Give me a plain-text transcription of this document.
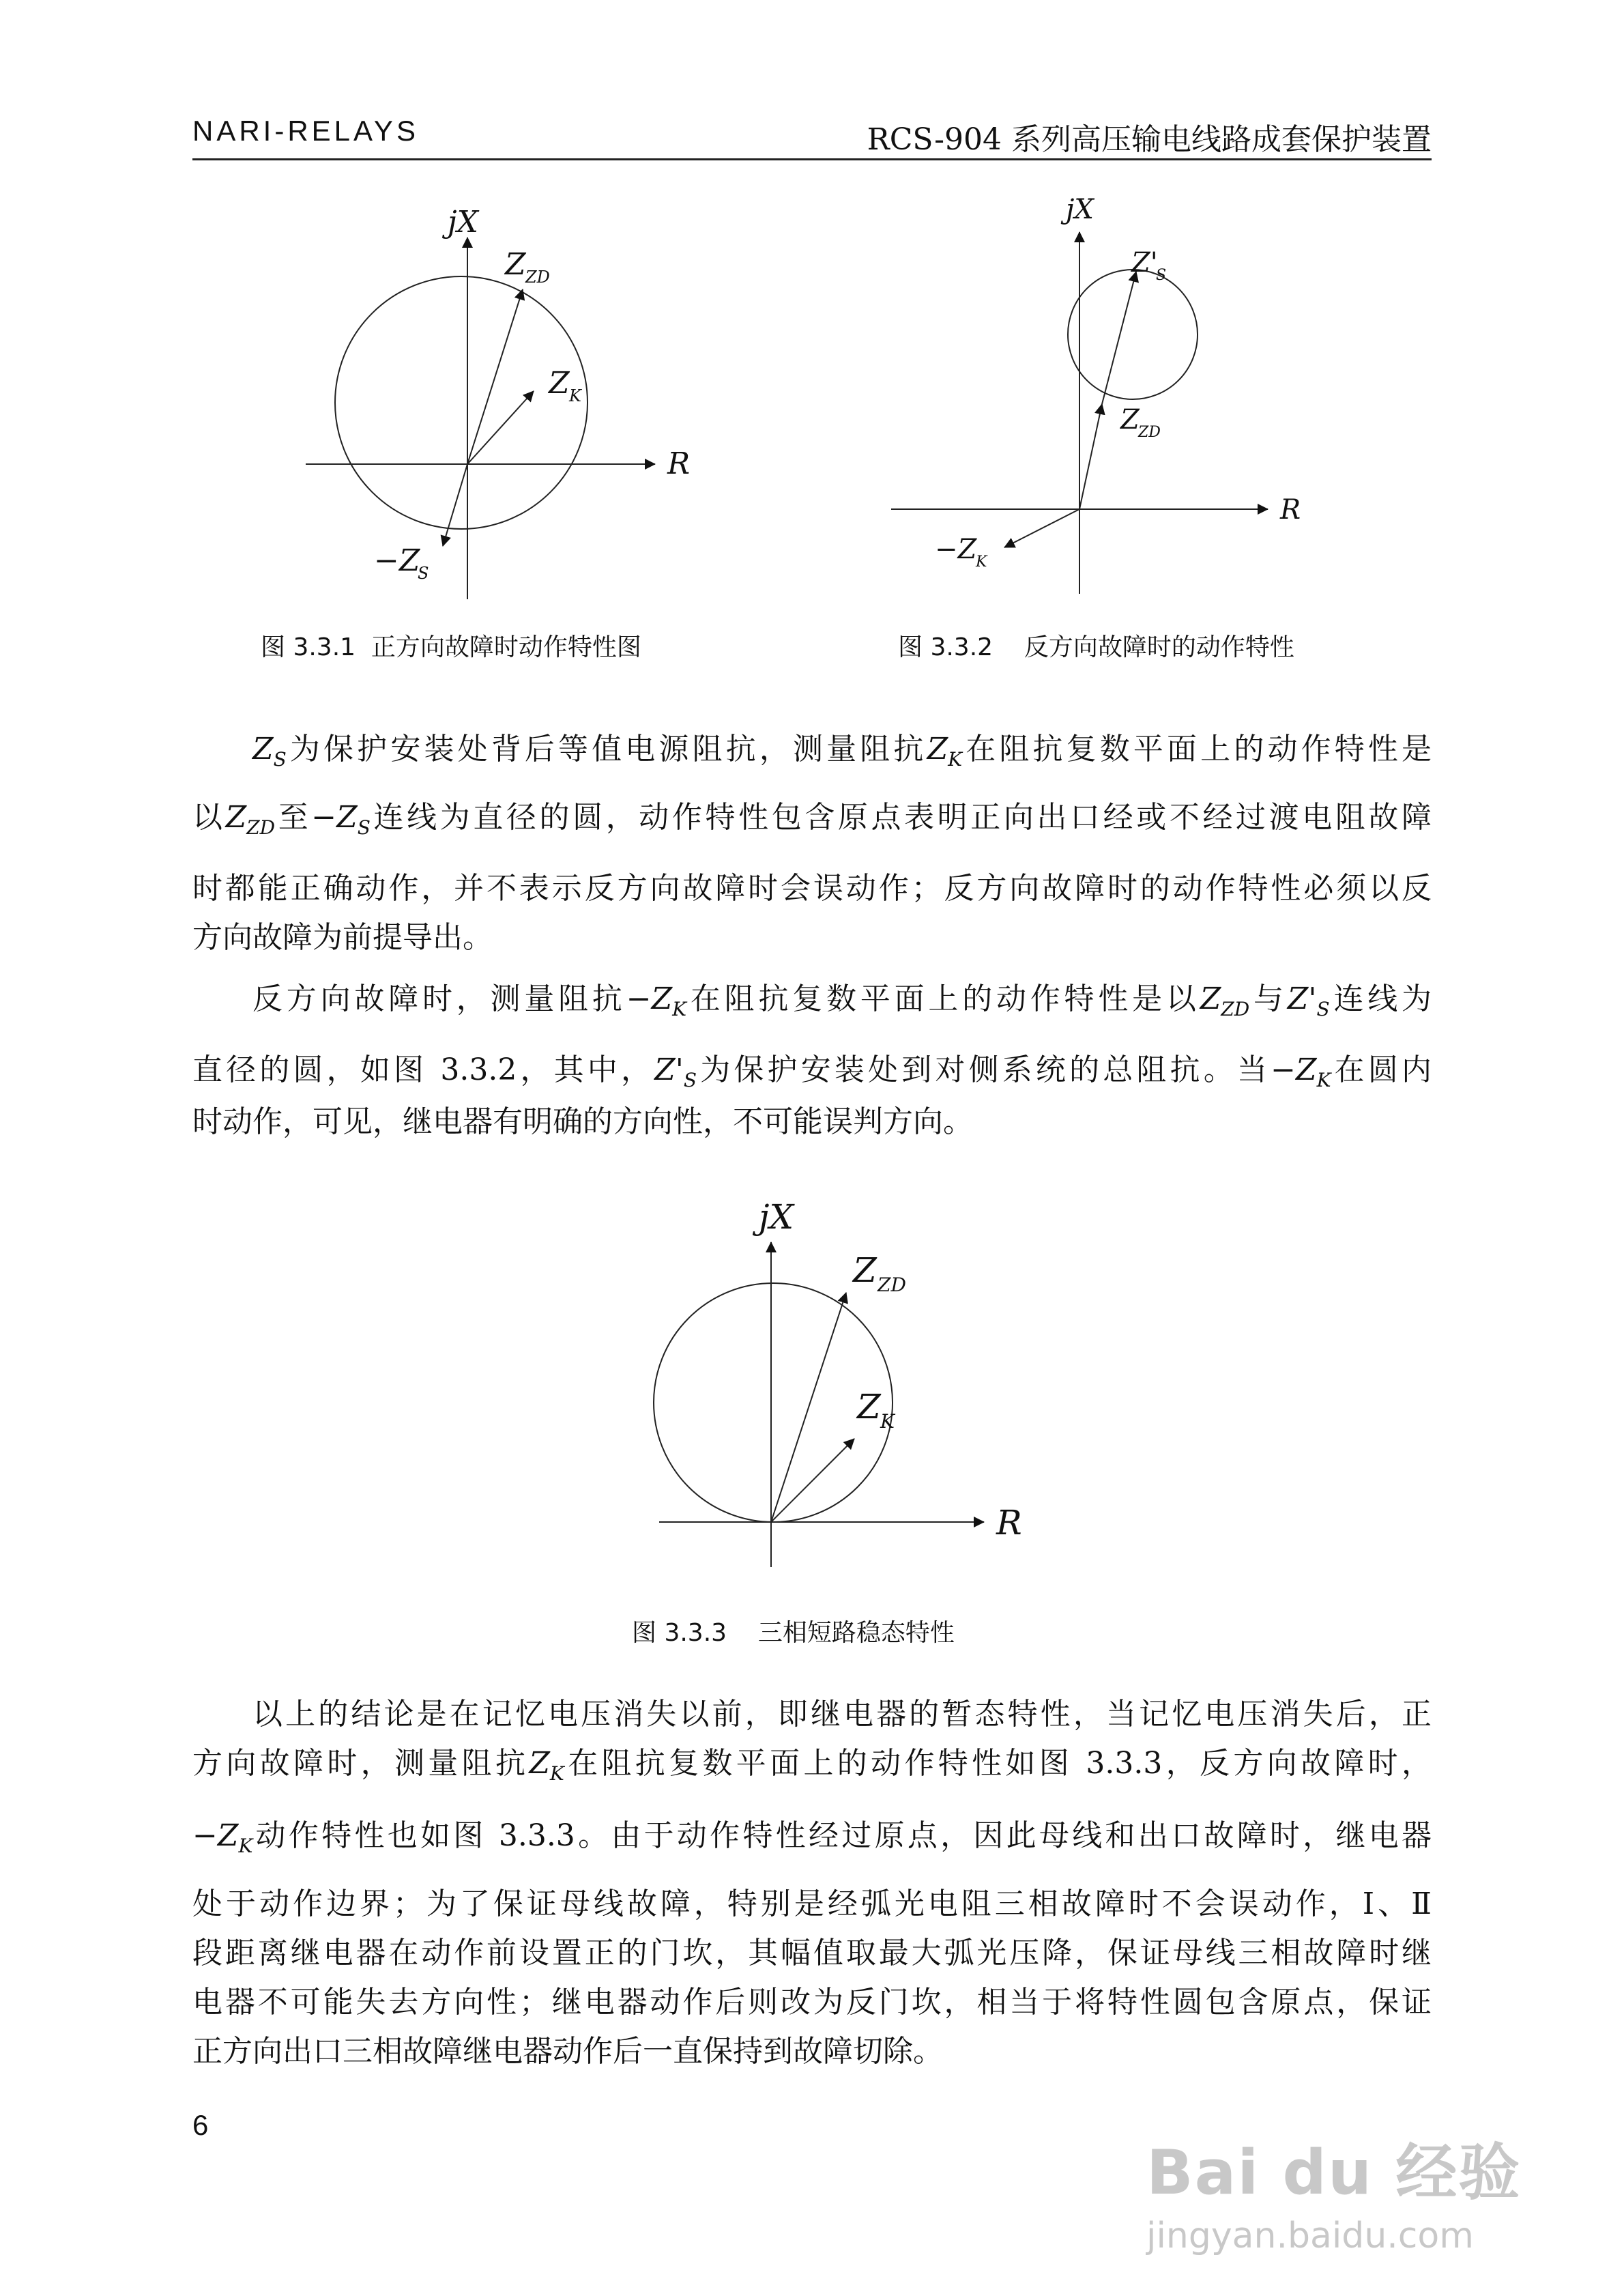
NARI-RELAYS	RCS-904 系列高压输电线路成套保护装置
jX
R
Z ZD
Z K
−Z
S
图 3.3.1  正方向故障时动作特性图
jX
R
Z'
S
Z
ZD
−Z
K
图 3.3.2    反方向故障时的动作特性
$Z_S$为保护安装处背后等值电源阻抗，测量阻抗$Z_K$在阻抗复数平面上的动作特性是
以$Z_{ZD}$至$-Z_S$连线为直径的圆，动作特性包含原点表明正向出口经或不经过渡电阻故障
时都能正确动作，并不表示反方向故障时会误动作；反方向故障时的动作特性必须以反
方向故障为前提导出。
反方向故障时，测量阻抗$-Z_K$在阻抗复数平面上的动作特性是以$Z_{ZD}$与$Z'_S$连线为
直径的圆，如图 3.3.2，其中，$Z'_S$为保护安装处到对侧系统的总阻抗。当$-Z_K$在圆内
时动作，可见，继电器有明确的方向性，不可能误判方向。
jX
R
Z ZD
Z K
图 3.3.3    三相短路稳态特性
以上的结论是在记忆电压消失以前，即继电器的暂态特性，当记忆电压消失后，正
方向故障时，测量阻抗$Z_K$在阻抗复数平面上的动作特性如图 3.3.3，反方向故障时，
$-Z_K$动作特性也如图 3.3.3。由于动作特性经过原点，因此母线和出口故障时，继电器
处于动作边界；为了保证母线故障，特别是经弧光电阻三相故障时不会误动作，Ⅰ、Ⅱ
段距离继电器在动作前设置正的门坎，其幅值取最大弧光压降，保证母线三相故障时继
电器不可能失去方向性；继电器动作后则改为反门坎，相当于将特性圆包含原点，保证
正方向出口三相故障继电器动作后一直保持到故障切除。
6
Bai du 经验
jingyan.baidu.com
